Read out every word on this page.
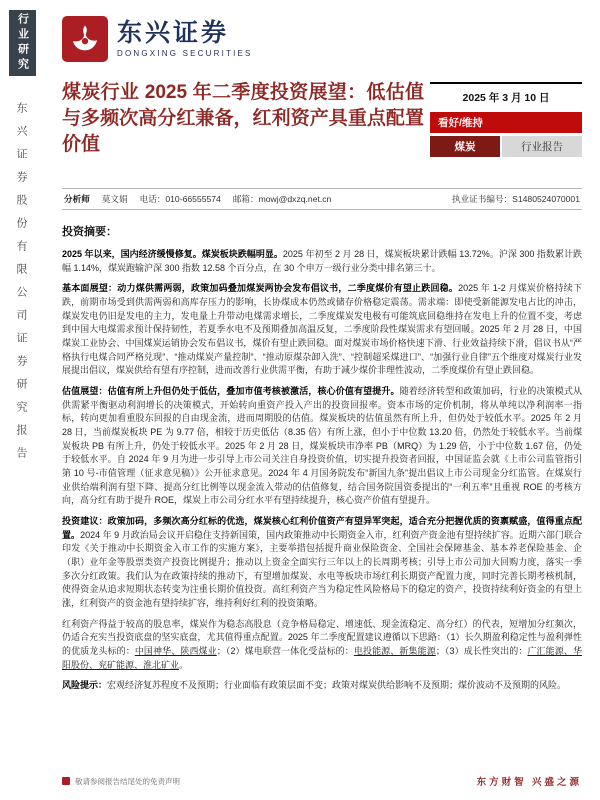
行业研究
东兴证券股份有限公司证券研究报告
东兴证券
DONGXING SECURITIES
煤炭行业 2025 年二季度投资展望：低估值与多频次高分红兼备，红利资产具重点配置价值
2025 年 3 月 10 日
看好/维持
煤炭	行业报告
分析师 莫文娟 电话：010-66555574 邮箱：mowj@dxzq.net.cn	执业证书编号：S1480524070001
投资摘要：

2025 年以来，国内经济缓慢修复。煤炭板块跌幅明显。2025 年初至 2 月 28 日，煤炭板块累计跌幅 13.72%。沪深 300 指数累计跌幅 1.14%，煤炭跑输沪深 300 指数 12.58 个百分点，在 30 个申万一级行业分类中排名第三十。

基本面展望：动力煤供需两弱，政策加码叠加煤炭两协会发布倡议书，二季度煤价有望止跌回稳。2025 年 1-2 月煤炭价格持续下跌，前期市场受到供需两弱和高库存压力的影响，长协煤成本仍然或储存价格稳定震荡。需求端：即使受新能源发电占比的冲击，煤炭发电仍旧是发电的主力，发电量上升带动电煤需求增长，二季度煤炭发电极有可能筑底回稳维持在发电上升的位置不变，考虑到中国大电煤需求预计保持韧性，若夏季水电不及预期叠加高温反复，二季度阶段性煤炭需求有望回暖。2025 年 2 月 28 日，中国煤炭工业协会、中国煤炭运销协会发布倡议书，煤价有望止跌回稳。面对煤炭市场价格快速下滑、行业效益持续下滑，倡议书从“严格执行电煤合同严格兑现”、“推动煤炭产量控制”、“推动原煤杂卸入洗”、“控制超采煤进口”、“加强行业自律”五个维度对煤炭行业发展提出倡议，煤炭供给有望有序控制，进而改善行业供需平衡，有助于减少煤价非理性波动，二季度煤价有望止跌回稳。

估值展望：估值有所上升但仍处于低估，叠加市值考核被激活，核心价值有望提升。随着经济转型和政策加码，行业的决策模式从供需紧平衡驱动利润增长的决策模式，开始转向重资产投入产出的投资回报率。资本市场的定价机制，将从单纯以净利润率一指标，转向更加看重股东回报的自由现金流，进而周期股的估值。煤炭板块的估值虽然有所上升，但仍处于较低水平。2025 年 2 月 28 日，当前煤炭板块 PE 为 9.77 倍，相较于历史低估（8.35 倍）有所上涨，但小于中位数 13.20 倍，仍然处于较低水平。当前煤炭板块 PB 有所上升，仍处于较低水平。2025 年 2 月 28 日，煤炭板块市净率 PB（MRQ）为 1.29 倍，小于中位数 1.67 倍，仍处于较低水平。自 2024 年 9 月为进一步引导上市公司关注自身投资价值，切实提升投资者回报，中国证监会就《上市公司监管指引第 10 号-市值管理（征求意见稿）》公开征求意见。2024 年 4 月国务院发布“新国九条”提出倡议上市公司现金分红监管。在煤炭行业供给端利润有望下降、提高分红比例等以现金流入带动的估值修复，结合国务院国资委提出的“一利五率”且重视 ROE 的考核方向，高分红有助于提升 ROE，煤炭上市公司分红水平有望持续提升，核心资产价值有望提升。

投资建议：政策加码，多频次高分红标的优选，煤炭核心红利价值资产有望异军突起，适合充分把握优质的资禀赋盛，值得重点配置。2024 年 9 月政治局会议开启稳住支持新国策，国内政策推动中长期资金入市，红利资产资金池有望持续扩容。近期六部门联合印发《关于推动中长期资金入市工作的实施方案》，主要举措包括提升商业保险资金、全国社会保障基金、基本养老保险基金、企（职）业年金等股票类资产投资比例提升；推动以上资金全面实行三年以上的长周期考核；引导上市公司加大回购力度，落实一季多次分红政策。我们认为在政策持续的推动下，有望增加煤炭、水电等板块市场红利长期资产配置力度，同时完善长期考核机制，使得资金从追求短期状态转变为注重长期价值投资。高红利资产当为稳定性风险格局下的稳定的资产，投资持续利好资金的有望上涨，红利资产的资金池有望持续扩容，维持利好红利的投资策略。

红利资产得益于较高的股息率，煤炭作为稳态高股息（竞争格局稳定、增速低、现金流稳定、高分红）的代表，短增加分红频次，仍适合充实当投资底盘的坚实底盘，尤其值得重点配置。2025 年二季度配置建议遵循以下思路：（1）长久期盈利稳定性与盈利弹性的优质龙头标的：中国神华、陕西煤业；（2）煤电联营一体化受益标的：电投能源、新集能源；（3）成长性突出的：广汇能源、华阳股份、兖矿能源、淮北矿业。

风险提示：宏观经济复苏程度不及预期；行业面临有政策层面不变；政策对煤炭供给影响不及预期；煤价波动不及预期的风险。

敬请参阅报告结尾处的免责声明	东方财智 兴盛之源
